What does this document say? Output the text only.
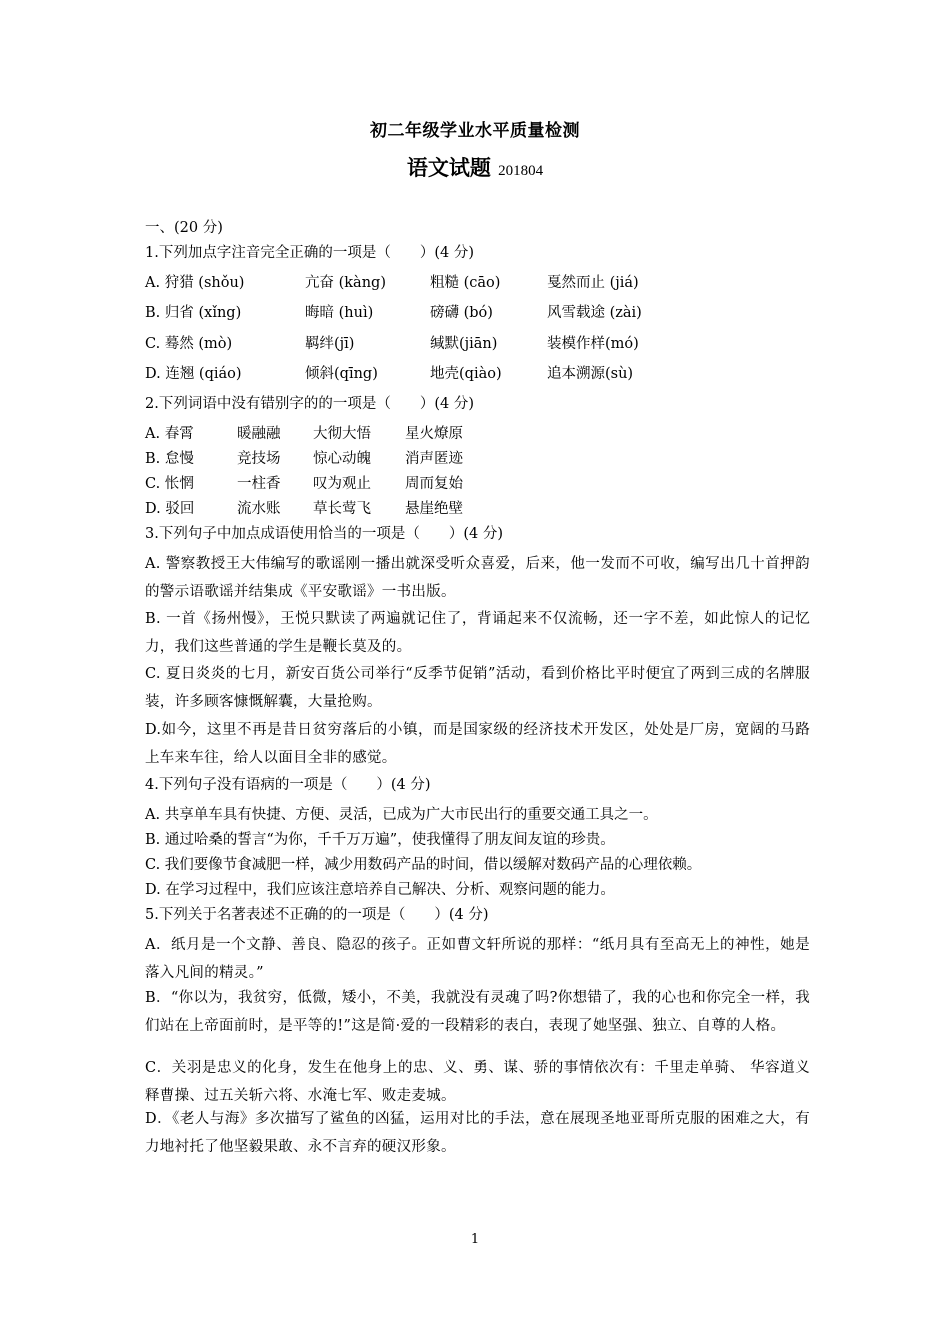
初二年级学业水平质量检测
语文试题 201804
一、(20 分)
1.下列加点字注音完全正确的一项是（　　）(4 分)
A. 狩猎 (shǒu)	亢奋 (kàng)	粗糙 (cāo)	戛然而止 (jiá)
B. 归省 (xǐng)	晦暗 (huì)	磅礴 (bó)	风雪载途 (zài)
C. 蓦然 (mò)	羁绊(jī)	缄默(jiān)	装模作样(mó)
D. 连翘 (qiáo)	倾斜(qīng)	地壳(qiào)	追本溯源(sù)
2.下列词语中没有错别字的的一项是（　　）(4 分)
A. 春霄	暖融融 大彻大悟 星火燎原
B. 怠慢	竞技场 惊心动魄 消声匿迹
C. 怅惘	一柱香 叹为观止 周而复始
D. 驳回	流水账 草长莺飞 悬崖绝壁
3.下列句子中加点成语使用恰当的一项是（　　）(4 分)
A. 警察教授王大伟编写的歌谣刚一播出就深受听众喜爱，后来，他一发而不可收，编写出几十首押韵的警示语歌谣并结集成《平安歌谣》一书出版。
B. 一首《扬州慢》，王悦只默读了两遍就记住了，背诵起来不仅流畅，还一字不差，如此惊人的记忆力，我们这些普通的学生是鞭长莫及的。
C. 夏日炎炎的七月，新安百货公司举行“反季节促销”活动，看到价格比平时便宜了两到三成的名牌服装，许多顾客慷慨解囊，大量抢购。
D.如今，这里不再是昔日贫穷落后的小镇，而是国家级的经济技术开发区，处处是厂房，宽阔的马路上车来车往，给人以面目全非的感觉。
4.下列句子没有语病的一项是（　　）(4 分)
A. 共享单车具有快捷、方便、灵活，已成为广大市民出行的重要交通工具之一。
B. 通过哈桑的誓言“为你，千千万万遍”，使我懂得了朋友间友谊的珍贵。
C. 我们要像节食减肥一样，减少用数码产品的时间，借以缓解对数码产品的心理依赖。
D. 在学习过程中，我们应该注意培养自己解决、分析、观察问题的能力。
5.下列关于名著表述不正确的的一项是（　　）(4 分)
A．纸月是一个文静、善良、隐忍的孩子。正如曹文轩所说的那样：“纸月具有至高无上的神性，她是落入凡间的精灵。”
B．“你以为，我贫穷，低微，矮小，不美，我就没有灵魂了吗?你想错了，我的心也和你完全一样，我们站在上帝面前时，是平等的!”这是简·爱的一段精彩的表白，表现了她坚强、独立、自尊的人格。
C．关羽是忠义的化身，发生在他身上的忠、义、勇、谋、骄的事情依次有：千里走单骑、 华容道义释曹操、过五关斩六将、水淹七军、败走麦城。
D．《老人与海》多次描写了鲨鱼的凶猛，运用对比的手法，意在展现圣地亚哥所克服的困难之大，有力地衬托了他坚毅果敢、永不言弃的硬汉形象。
1
